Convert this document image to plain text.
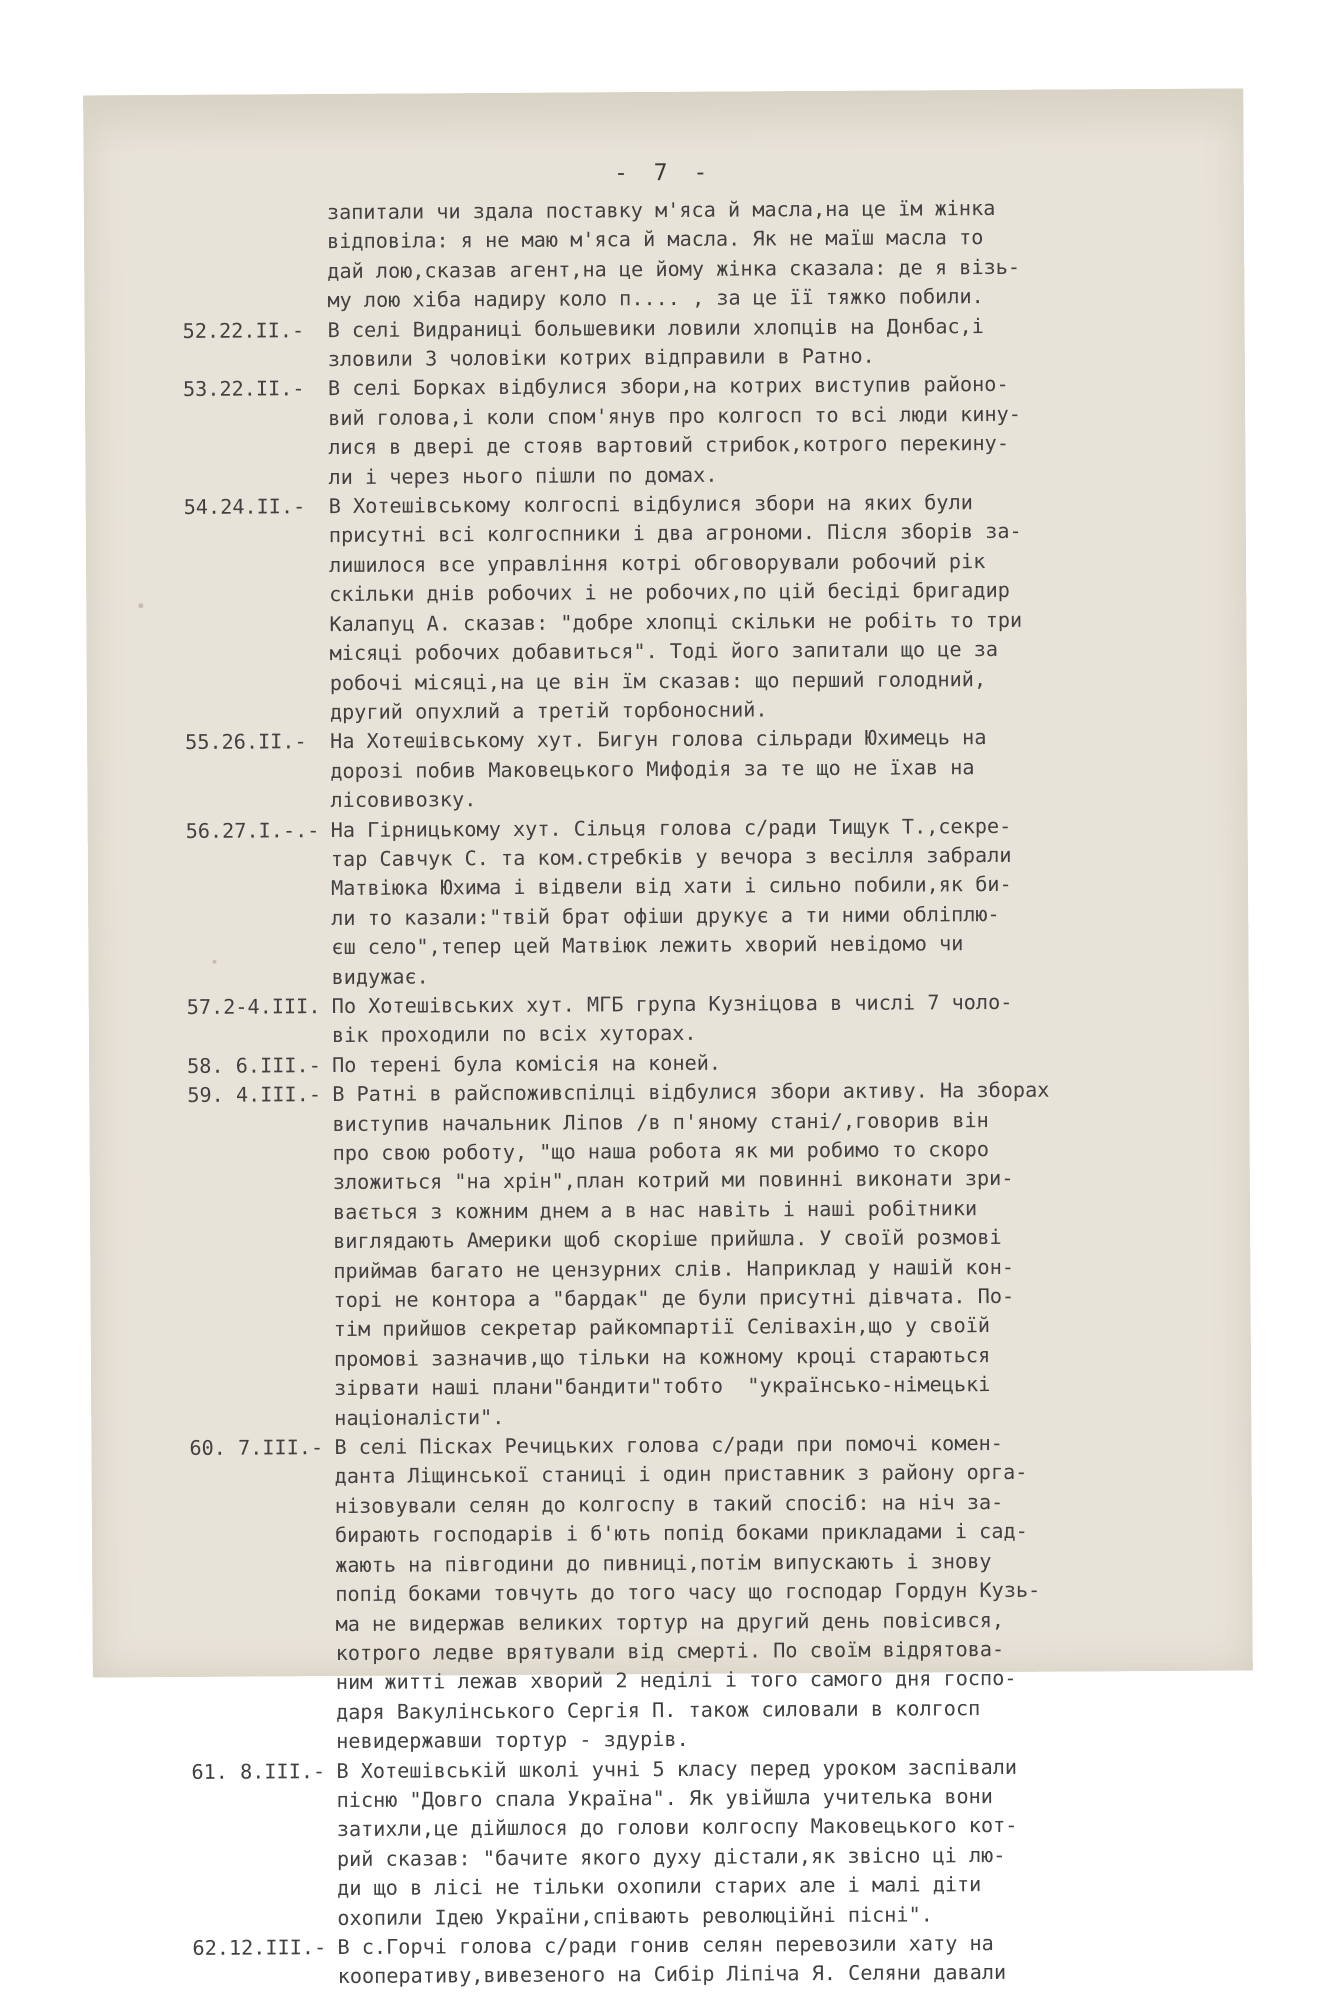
- 7 -
запитали чи здала поставку м'яса й масла,на це їм жінка
відповіла: я не маю м'яса й масла. Як не маїш масла то
дай лою,сказав агент,на це йому жінка сказала: де я візь-
му лою хіба надиру коло п.... , за це її тяжко побили.
52.22.II.-	В селі Видраниці большевики ловили хлопців на Донбас,і
зловили 3 чоловіки котрих відправили в Ратно.
53.22.II.-	В селі Борках відбулися збори,на котрих виступив районо-
вий голова,і коли спом'янув про колгосп то всі люди кину-
лися в двері де стояв вартовий стрибок,котрого перекину-
ли і через нього пішли по домах.
54.24.II.-	В Хотешівському колгоспі відбулися збори на яких були
присутні всі колгоспники і два агрономи. Після зборів за-
лишилося все управління котрі обговорували робочий рік
скільки днів робочих і не робочих,по цій бесіді бригадир
Калапуц А. сказав: "добре хлопці скільки не робіть то три
місяці робочих добавиться". Тоді його запитали що це за
робочі місяці,на це він їм сказав: що перший голодний,
другий опухлий а третій торбоносний.
55.26.II.-	На Хотешівському хут. Бигун голова сільради Юхимець на
дорозі побив Маковецького Мифодія за те що не їхав на
лісовивозку.
56.27.I.-.- На Гірницькому хут. Сільця голова с/ради Тищук Т.,секре-
тар Савчук С. та ком.стребків у вечора з весілля забрали
Матвіюка Юхима і відвели від хати і сильно побили,як би-
ли то казали:"твій брат офіши друкує а ти ними обліплю-
єш село",тепер цей Матвіюк лежить хворий невідомо чи
видужає.
57.2-4.III. По Хотешівських хут. МГБ група Кузніцова в числі 7 чоло-
вік проходили по всіх хуторах.
58. 6.III.- По терені була комісія на коней.
59. 4.III.- В Ратні в райспоживспілці відбулися збори активу. На зборах
виступив начальник Ліпов /в п'яному стані/,говорив він
про свою роботу, "що наша робота як ми робимо то скоро
зложиться "на хрін",план котрий ми повинні виконати зри-
вається з кожним днем а в нас навіть і наші робітники
виглядають Америки щоб скоріше прийшла. У своїй розмові
приймав багато не цензурних слів. Наприклад у нашій кон-
торі не контора а "бардак" де були присутні дівчата. По-
тім прийшов секретар райкомпартії Селівахін,що у своїй
промові зазначив,що тільки на кожному кроці стараються
зірвати наші плани"бандити"тобто  "українсько-німецькі
націоналісти".
60. 7.III.- В селі Пісках Речицьких голова с/ради при помочі комен-
данта Ліщинської станиці і один приставник з району орга-
нізовували селян до колгоспу в такий спосіб: на ніч за-
бирають господарів і б'ють попід боками прикладами і сад-
жають на півгодини до пивниці,потім випускають і знову
попід боками товчуть до того часу що господар Гордун Кузь-
ма не видержав великих тортур на другий день повісився,
котрого ледве врятували від смерті. По своїм відрятова-
ним житті лежав хворий 2 неділі і того самого дня госпо-
даря Вакулінського Сергія П. також силовали в колгосп
невидержавши тортур - здурів.
61. 8.III.- В Хотешівській школі учні 5 класу перед уроком заспівали
пісню "Довго спала Україна". Як увійшла учителька вони
затихли,це дійшлося до голови колгоспу Маковецького кот-
рий сказав: "бачите якого духу дістали,як звісно ці лю-
ди що в лісі не тільки охопили старих але і малі діти
охопили Ідею України,співають революційні пісні".
62.12.III.- В с.Горчі голова с/ради гонив селян перевозили хату на
кооперативу,вивезеного на Сибір Ліпіча Я. Селяни давали
